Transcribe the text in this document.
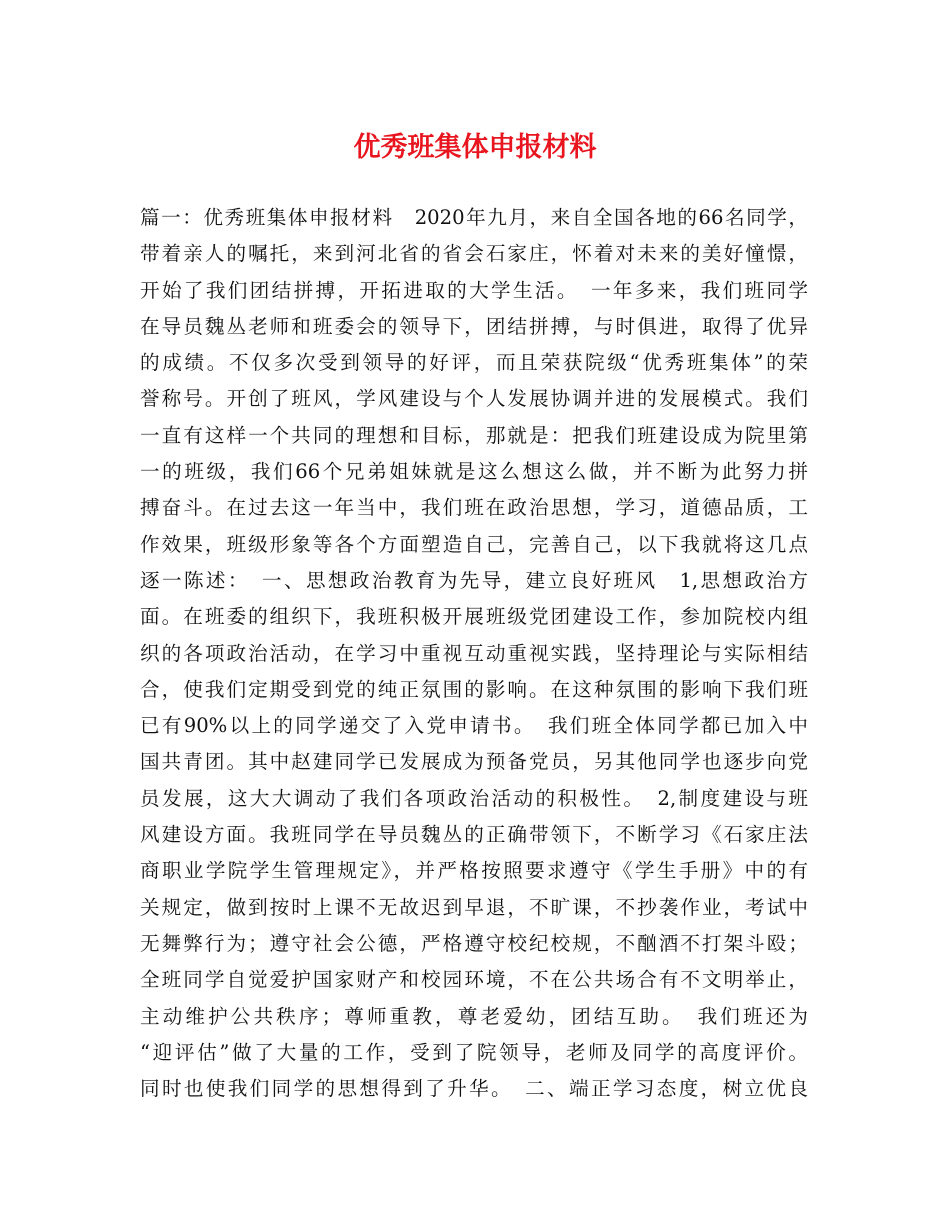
优秀班集体申报材料
篇一：优秀班集体申报材料　2020年九月，来自全国各地的66名同学，
带着亲人的嘱托，来到河北省的省会石家庄，怀着对未来的美好憧憬，
开始了我们团结拼搏，开拓进取的大学生活。　一年多来，我们班同学
在导员魏丛老师和班委会的领导下，团结拼搏，与时俱进，取得了优异
的成绩。不仅多次受到领导的好评，而且荣获院级“优秀班集体”的荣
誉称号。开创了班风，学风建设与个人发展协调并进的发展模式。我们
一直有这样一个共同的理想和目标，那就是：把我们班建设成为院里第
一的班级，我们66个兄弟姐妹就是这么想这么做，并不断为此努力拼
搏奋斗。在过去这一年当中，我们班在政治思想，学习，道德品质，工
作效果，班级形象等各个方面塑造自己，完善自己，以下我就将这几点
逐一陈述：　一、思想政治教育为先导，建立良好班风　1,思想政治方
面。在班委的组织下，我班积极开展班级党团建设工作，参加院校内组
织的各项政治活动，在学习中重视互动重视实践，坚持理论与实际相结
合，使我们定期受到党的纯正氛围的影响。在这种氛围的影响下我们班
已有90%以上的同学递交了入党申请书。　我们班全体同学都已加入中
国共青团。其中赵建同学已发展成为预备党员，另其他同学也逐步向党
员发展，这大大调动了我们各项政治活动的积极性。　2,制度建设与班
风建设方面。我班同学在导员魏丛的正确带领下，不断学习《石家庄法
商职业学院学生管理规定》，并严格按照要求遵守《学生手册》中的有
关规定，做到按时上课不无故迟到早退，不旷课，不抄袭作业，考试中
无舞弊行为；遵守社会公德，严格遵守校纪校规，不酗酒不打架斗殴；
全班同学自觉爱护国家财产和校园环境，不在公共场合有不文明举止，
主动维护公共秩序；尊师重教，尊老爱幼，团结互助。　我们班还为
“迎评估”做了大量的工作，受到了院领导，老师及同学的高度评价。
同时也使我们同学的思想得到了升华。　二、端正学习态度，树立优良
